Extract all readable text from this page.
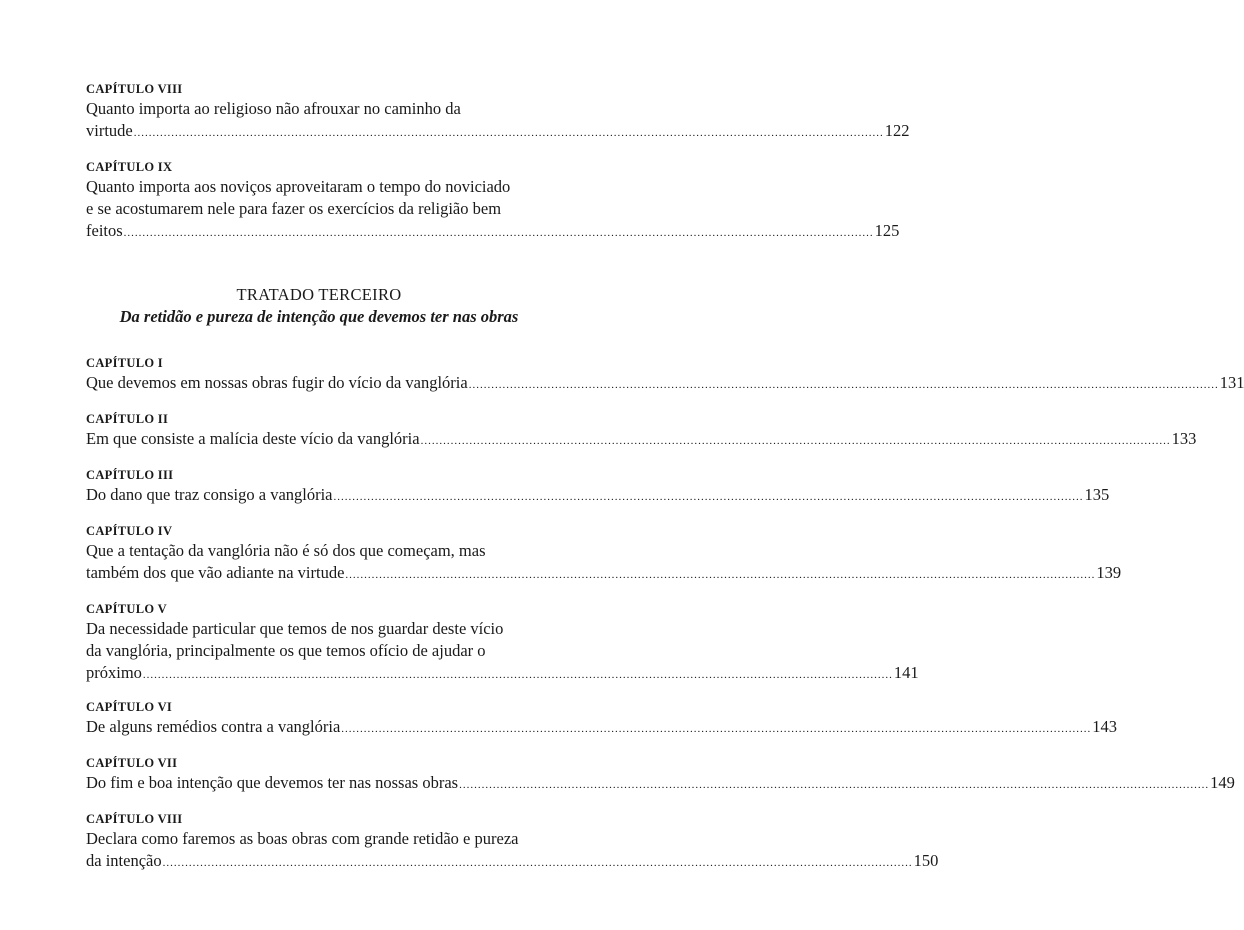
CAPÍTULO VIII
Quanto importa ao religioso não afrouxar no caminho da
virtude ........................................................................................................................................................................................................ 122
CAPÍTULO IX
Quanto importa aos noviços aproveitaram o tempo do noviciado
e se acostumarem nele para fazer os exercícios da religião bem
feitos ........................................................................................................................................................................................................ 125
TRATADO TERCEIRO
Da retidão e pureza de intenção que devemos ter nas obras
CAPÍTULO I
Que devemos em nossas obras fugir do vício da vanglória ........................................................................................................................................................................................................ 131
CAPÍTULO II
Em que consiste a malícia deste vício da vanglória ........................................................................................................................................................................................................ 133
CAPÍTULO III
Do dano que traz consigo a vanglória ........................................................................................................................................................................................................ 135
CAPÍTULO IV
Que a tentação da vanglória não é só dos que começam, mas
também dos que vão adiante na virtude ........................................................................................................................................................................................................ 139
CAPÍTULO V
Da necessidade particular que temos de nos guardar deste vício
da vanglória, principalmente os que temos ofício de ajudar o
próximo ........................................................................................................................................................................................................ 141
CAPÍTULO VI
De alguns remédios contra a vanglória ........................................................................................................................................................................................................ 143
CAPÍTULO VII
Do fim e boa intenção que devemos ter nas nossas obras ........................................................................................................................................................................................................ 149
CAPÍTULO VIII
Declara como faremos as boas obras com grande retidão e pureza
da intenção ........................................................................................................................................................................................................ 150
